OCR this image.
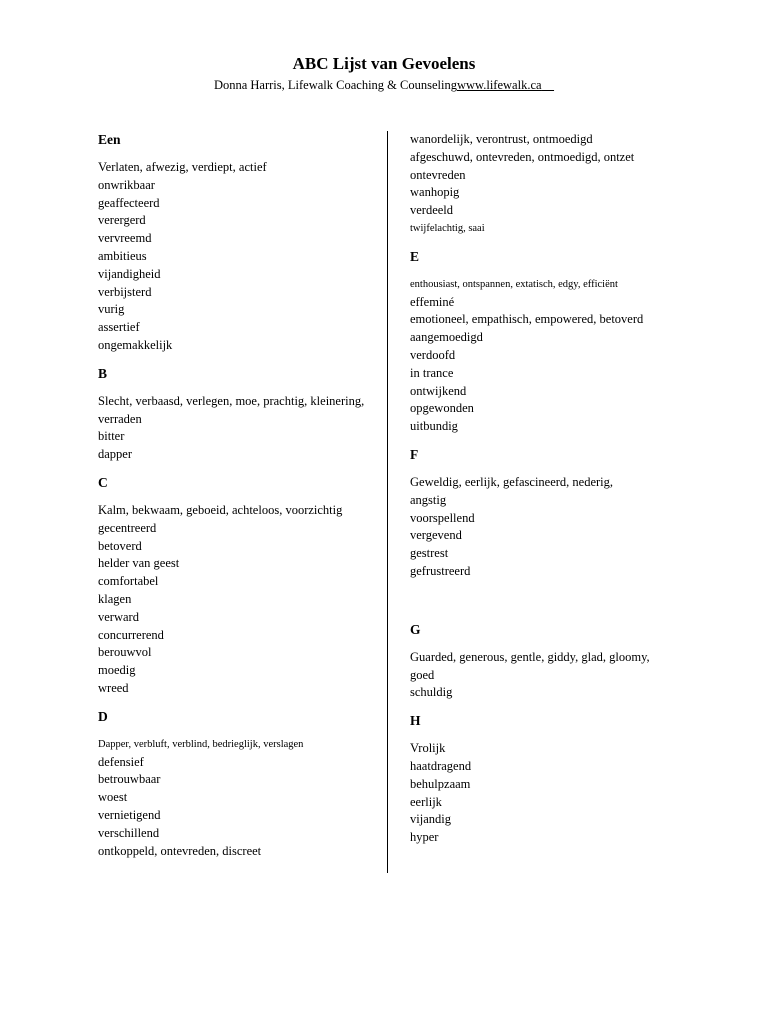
ABC Lijst van Gevoelens
Donna Harris, Lifewalk Coaching & Counselingwww.lifewalk.ca
Een
Verlaten, afwezig, verdiept, actief
onwrikbaar
geaffecteerd
verergerd
vervreemd
ambitieus
vijandigheid
verbijsterd
vurig
assertief
ongemakkelijk
B
Slecht, verbaasd, verlegen, moe, prachtig, kleinering,
verraden
bitter
dapper
C
Kalm, bekwaam, geboeid, achteloos, voorzichtig
gecentreerd
betoverd
helder van geest
comfortabel
klagen
verward
concurrerend
berouwvol
moedig
wreed
D
Dapper, verbluft, verblind, bedrieglijk, verslagen
defensief
betrouwbaar
woest
vernietigend
verschillend
ontkoppeld, ontevreden, discreet
wanordelijk, verontrust, ontmoedigd
afgeschuwd, ontevreden, ontmoedigd, ontzet
ontevreden
wanhopig
verdeeld
twijfelachtig, saai
E
enthousiast, ontspannen, extatisch, edgy, efficiënt
effeminé
emotioneel, empathisch, empowered, betoverd
aangemoedigd
verdoofd
in trance
ontwijkend
opgewonden
uitbundig
F
Geweldig, eerlijk, gefascineerd, nederig,
angstig
voorspellend
vergevend
gestrest
gefrustreerd
G
Guarded, generous, gentle, giddy, glad, gloomy,
goed
schuldig
H
Vrolijk
haatdragend
behulpzaam
eerlijk
vijandig
hyper
